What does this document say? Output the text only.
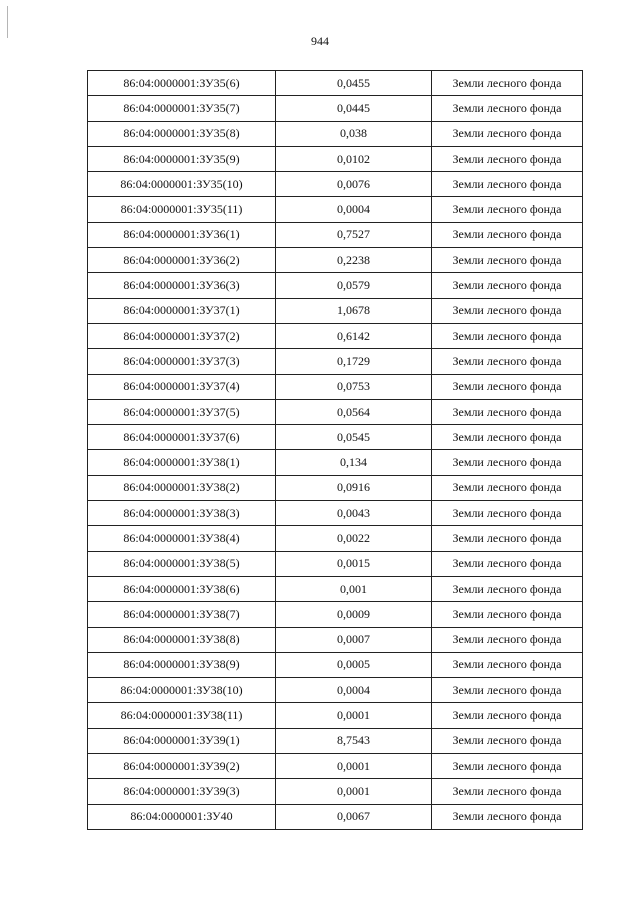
944
86:04:0000001:ЗУ35(6)	0,0455	Земли лесного фонда
86:04:0000001:ЗУ35(7)	0,0445	Земли лесного фонда
86:04:0000001:ЗУ35(8)	0,038	Земли лесного фонда
86:04:0000001:ЗУ35(9)	0,0102	Земли лесного фонда
86:04:0000001:ЗУ35(10)	0,0076	Земли лесного фонда
86:04:0000001:ЗУ35(11)	0,0004	Земли лесного фонда
86:04:0000001:ЗУ36(1)	0,7527	Земли лесного фонда
86:04:0000001:ЗУ36(2)	0,2238	Земли лесного фонда
86:04:0000001:ЗУ36(3)	0,0579	Земли лесного фонда
86:04:0000001:ЗУ37(1)	1,0678	Земли лесного фонда
86:04:0000001:ЗУ37(2)	0,6142	Земли лесного фонда
86:04:0000001:ЗУ37(3)	0,1729	Земли лесного фонда
86:04:0000001:ЗУ37(4)	0,0753	Земли лесного фонда
86:04:0000001:ЗУ37(5)	0,0564	Земли лесного фонда
86:04:0000001:ЗУ37(6)	0,0545	Земли лесного фонда
86:04:0000001:ЗУ38(1)	0,134	Земли лесного фонда
86:04:0000001:ЗУ38(2)	0,0916	Земли лесного фонда
86:04:0000001:ЗУ38(3)	0,0043	Земли лесного фонда
86:04:0000001:ЗУ38(4)	0,0022	Земли лесного фонда
86:04:0000001:ЗУ38(5)	0,0015	Земли лесного фонда
86:04:0000001:ЗУ38(6)	0,001	Земли лесного фонда
86:04:0000001:ЗУ38(7)	0,0009	Земли лесного фонда
86:04:0000001:ЗУ38(8)	0,0007	Земли лесного фонда
86:04:0000001:ЗУ38(9)	0,0005	Земли лесного фонда
86:04:0000001:ЗУ38(10)	0,0004	Земли лесного фонда
86:04:0000001:ЗУ38(11)	0,0001	Земли лесного фонда
86:04:0000001:ЗУ39(1)	8,7543	Земли лесного фонда
86:04:0000001:ЗУ39(2)	0,0001	Земли лесного фонда
86:04:0000001:ЗУ39(3)	0,0001	Земли лесного фонда
86:04:0000001:ЗУ40	0,0067	Земли лесного фонда
